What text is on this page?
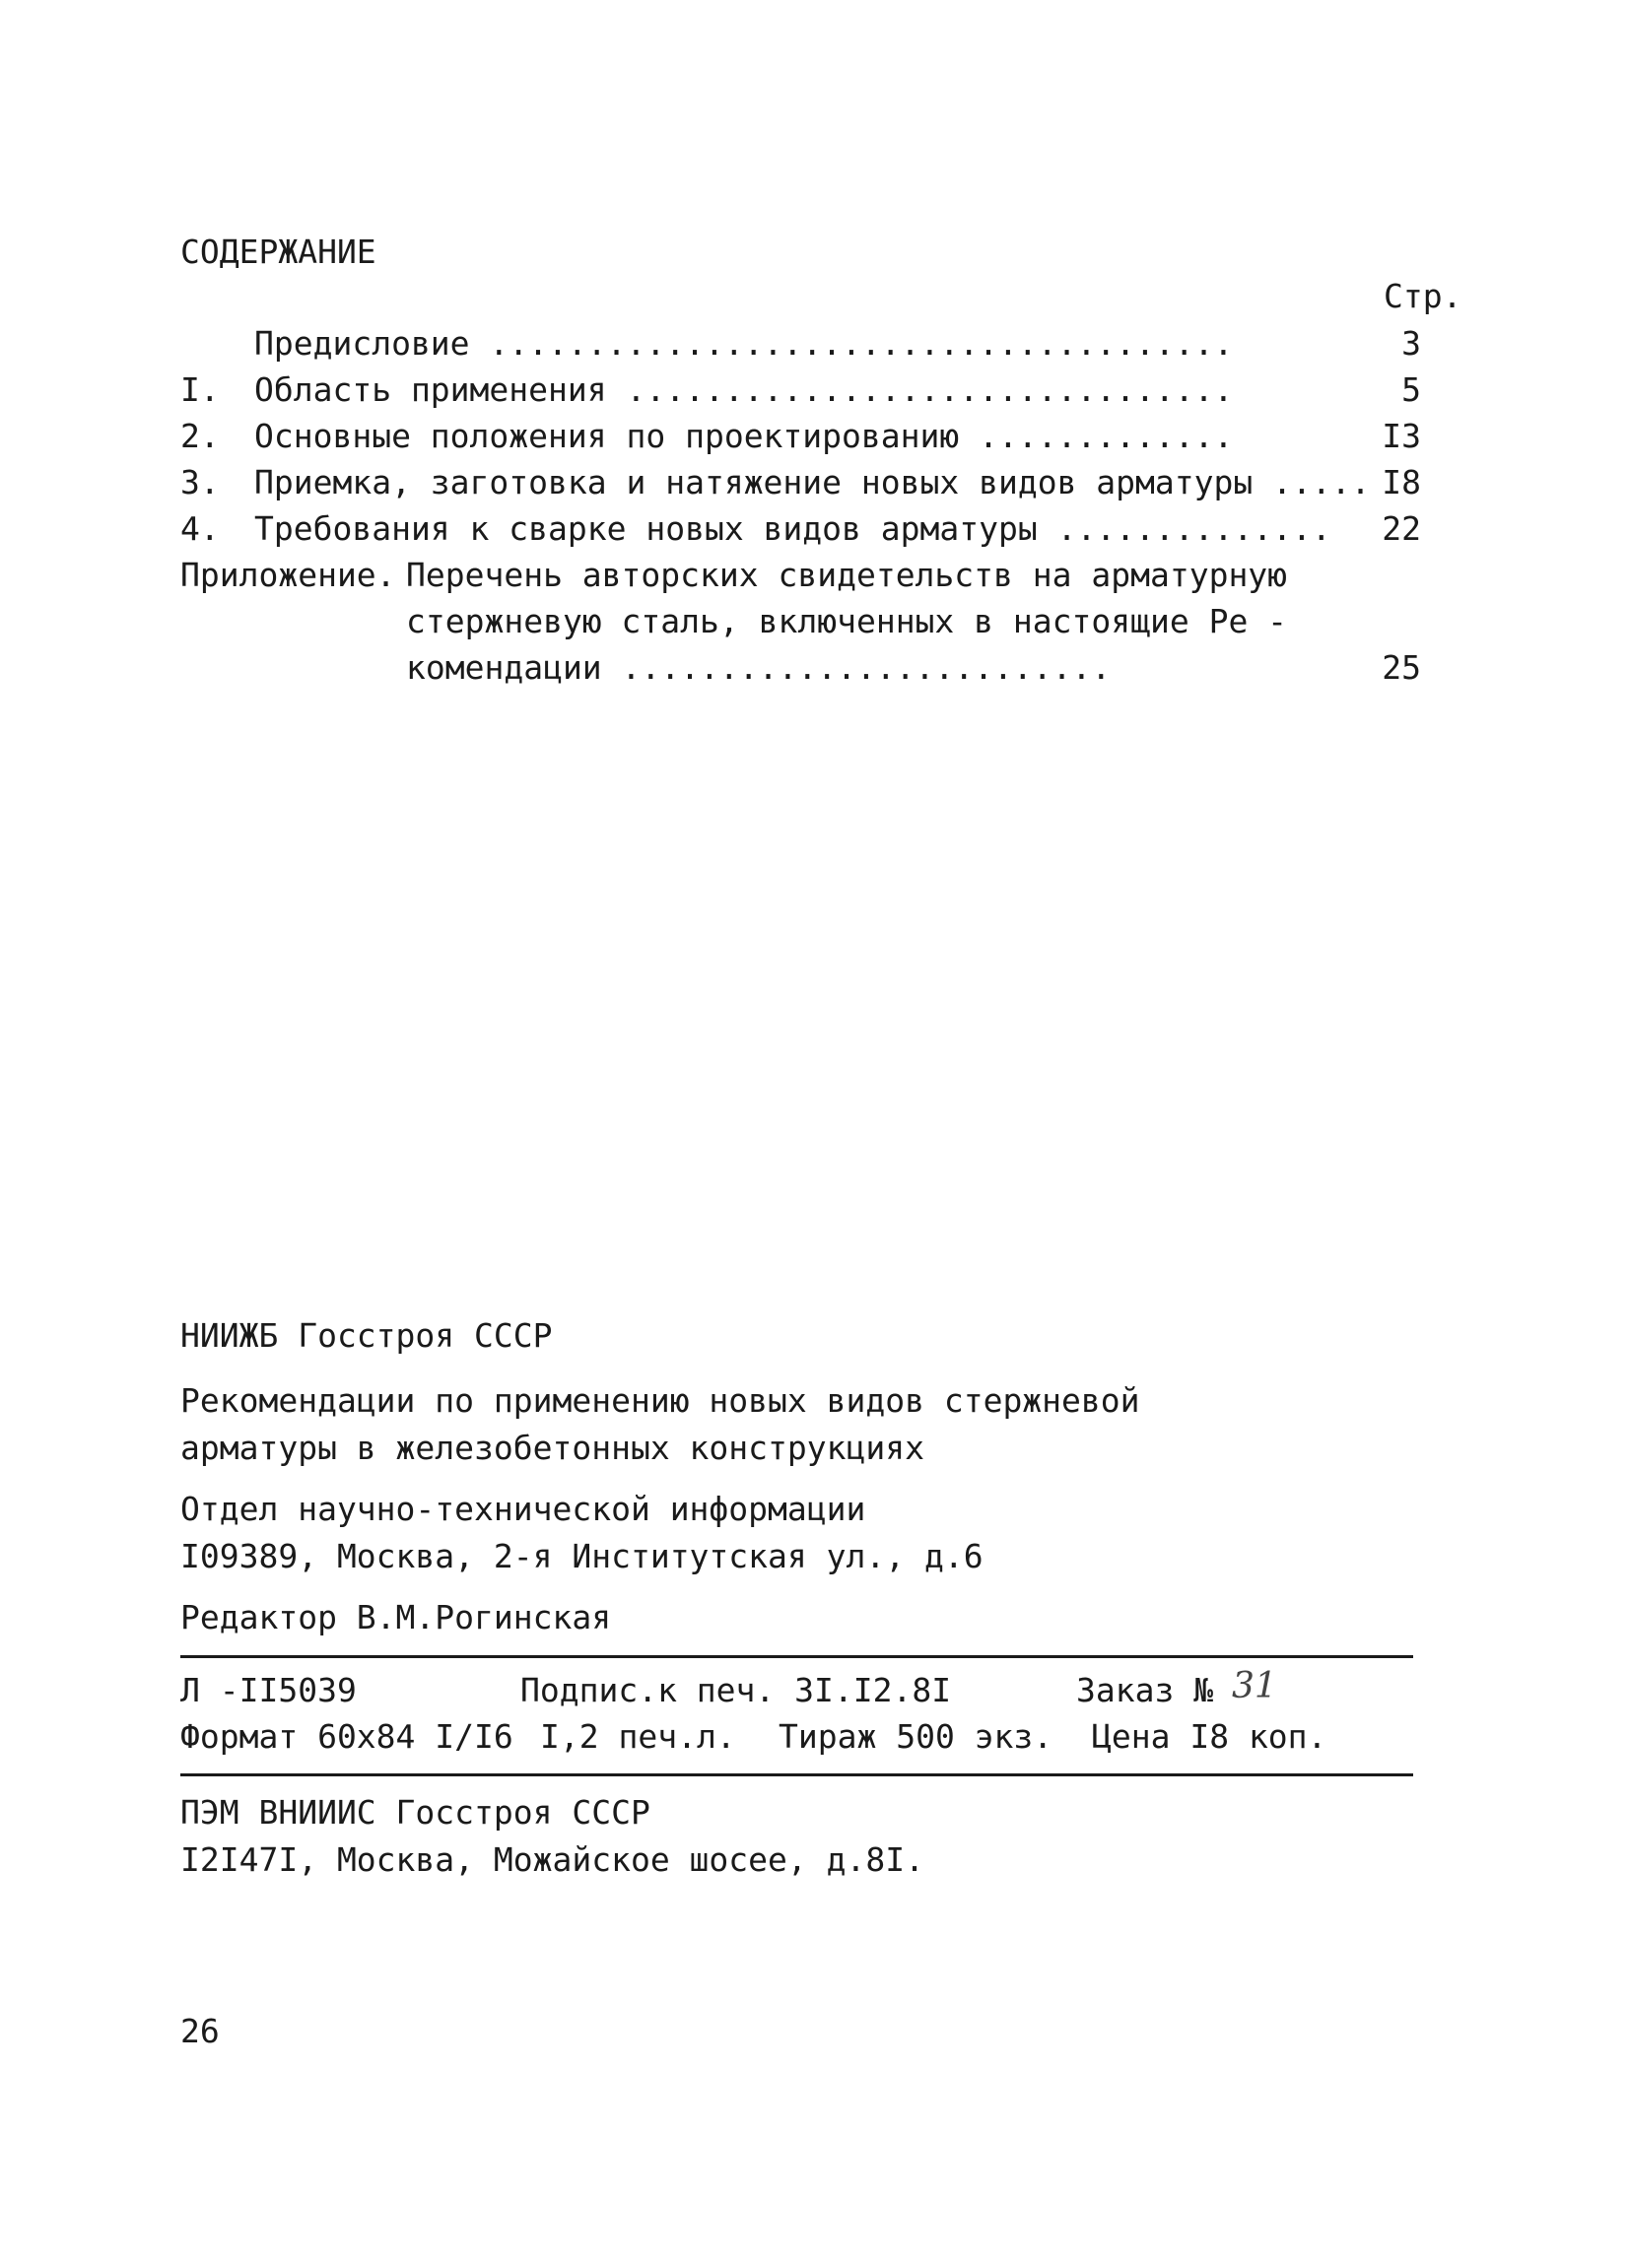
СОДЕРЖАНИЕ
Стр.
Предисловие ......................................	3
I. Область применения ...............................	5
2. Основные положения по проектированию .............	I3
3. Приемка, заготовка и натяжение новых видов арматуры ..... I8
4. Требования к сварке новых видов арматуры ..............	22
Приложение. Перечень авторских свидетельств на арматурную
стержневую сталь, включенных в настоящие Ре -
комендации .........................	25
НИИЖБ Госстроя СССР
Рекомендации по применению новых видов стержневой
арматуры в железобетонных конструкциях
Отдел научно-технической информации
I09389, Москва, 2-я Институтская ул., д.6
Редактор В.М.Рогинская
Л -II5039	Подпис.к печ. 3I.I2.8I	Заказ № 31
Формат 60х84 I/I6 I,2 печ.л. Тираж 500 экз. Цена I8 коп.
ПЭМ ВНИИИС Госстроя СССР
I2I47I, Москва, Можайское шосее, д.8I.
26
